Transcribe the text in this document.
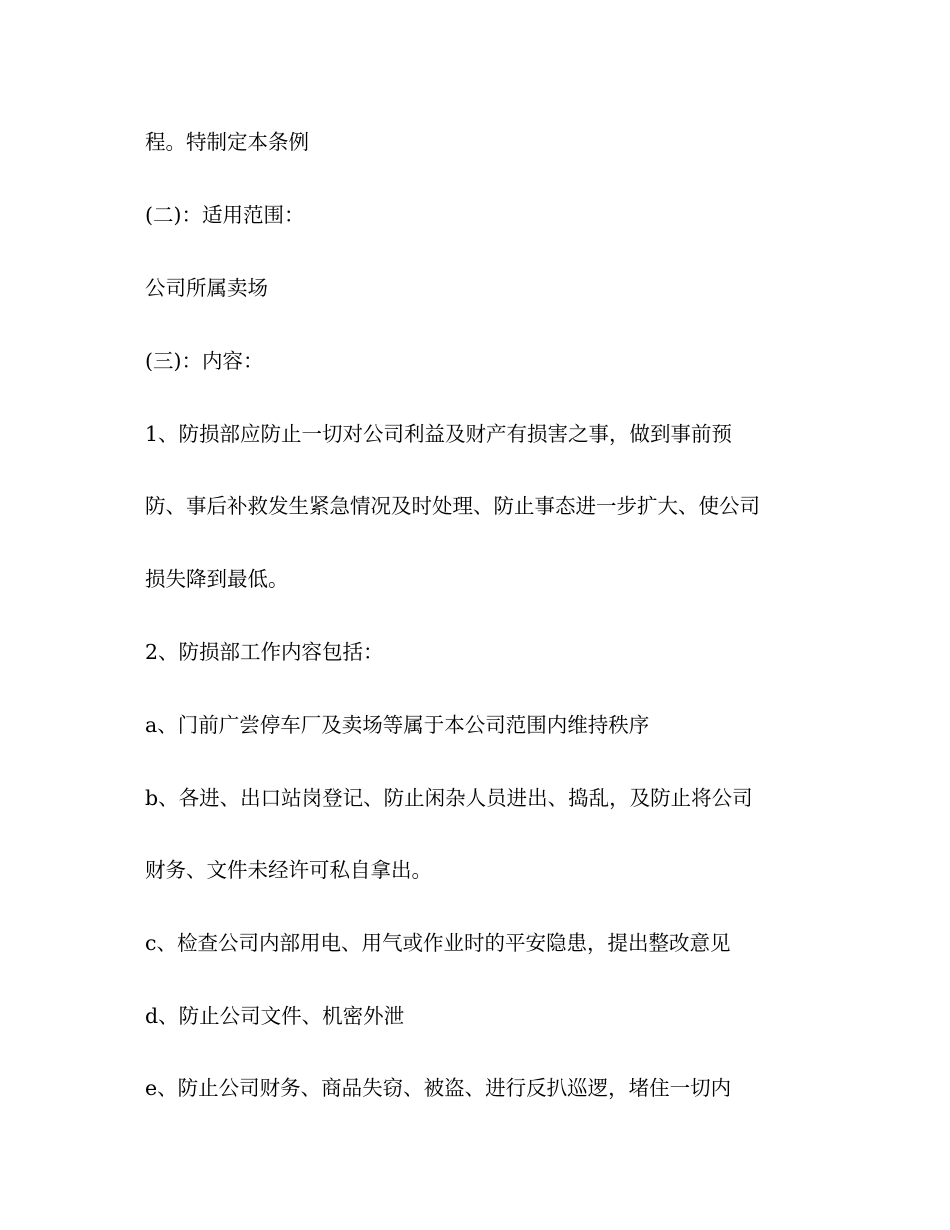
程。特制定本条例
(二)：适用范围：
公司所属卖场
(三)：内容：
1、防损部应防止一切对公司利益及财产有损害之事，做到事前预
防、事后补救发生紧急情况及时处理、防止事态进一步扩大、使公司
损失降到最低。
2、防损部工作内容包括：
a、门前广尝停车厂及卖场等属于本公司范围内维持秩序
b、各进、出口站岗登记、防止闲杂人员进出、捣乱，及防止将公司
财务、文件未经许可私自拿出。
c、检查公司内部用电、用气或作业时的平安隐患，提出整改意见
d、防止公司文件、机密外泄
e、防止公司财务、商品失窃、被盗、进行反扒巡逻，堵住一切内
